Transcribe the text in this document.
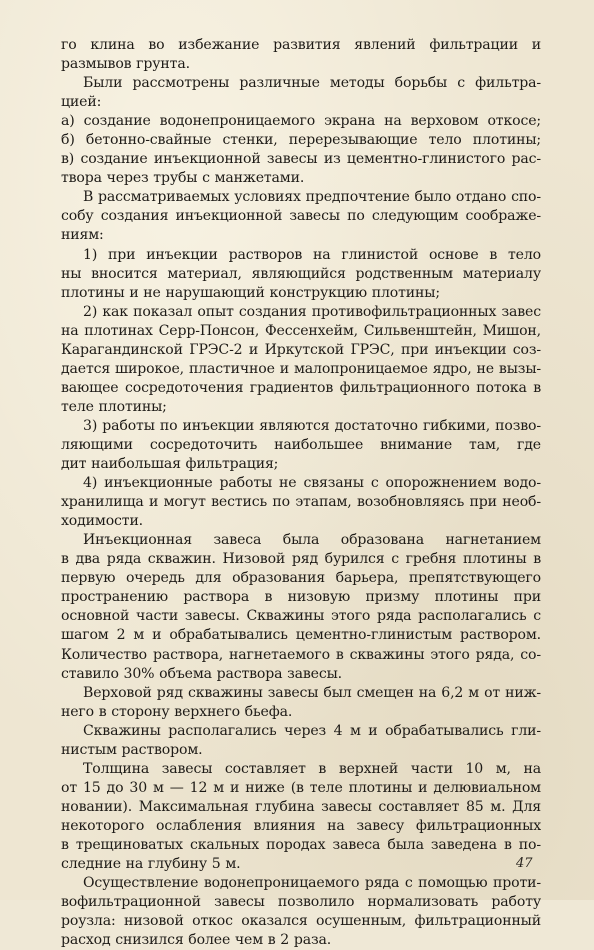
го клина во избежание развития явлений фильтрации и
размывов грунта.
Были рассмотрены различные методы борьбы с фильтра-
цией:
а) создание водонепроницаемого экрана на верховом откосе;
б) бетонно-свайные стенки, перерезывающие тело плотины;
в) создание инъекционной завесы из цементно-глинистого рас-
твора через трубы с манжетами.
В рассматриваемых условиях предпочтение было отдано спо-
собу создания инъекционной завесы по следующим соображе-
ниям:
1) при инъекции растворов на глинистой основе в тело
ны вносится материал, являющийся родственным материалу
плотины и не нарушающий конструкцию плотины;
2) как показал опыт создания противофильтрационных завес
на плотинах Серр-Понсон, Фессенхейм, Сильвенштейн, Мишон,
Карагандинской ГРЭС-2 и Иркутской ГРЭС, при инъекции соз-
дается широкое, пластичное и малопроницаемое ядро, не вызы-
вающее сосредоточения градиентов фильтрационного потока в
теле плотины;
3) работы по инъекции являются достаточно гибкими, позво-
ляющими сосредоточить наибольшее внимание там, где
дит наибольшая фильтрация;
4) инъекционные работы не связаны с опорожнением водо-
хранилища и могут вестись по этапам, возобновляясь при необ-
ходимости.
Инъекционная завеса была образована нагнетанием
в два ряда скважин. Низовой ряд бурился с гребня плотины в
первую очередь для образования барьера, препятствующего
пространению раствора в низовую призму плотины при
основной части завесы. Скважины этого ряда располагались с
шагом 2 м и обрабатывались цементно-глинистым раствором.
Количество раствора, нагнетаемого в скважины этого ряда, со-
ставило 30% объема раствора завесы.
Верховой ряд скважины завесы был смещен на 6,2 м от ниж-
него в сторону верхнего бьефа.
Скважины располагались через 4 м и обрабатывались гли-
нистым раствором.
Толщина завесы составляет в верхней части 10 м, на
от 15 до 30 м — 12 м и ниже (в теле плотины и делювиальном
новании). Максимальная глубина завесы составляет 85 м. Для
некоторого ослабления влияния на завесу фильтрационных
в трещиноватых скальных породах завеса была заведена в по-
следние на глубину 5 м.
Осуществление водонепроницаемого ряда с помощью проти-
вофильтрационной завесы позволило нормализовать работу
роузла: низовой откос оказался осушенным, фильтрационный
расход снизился более чем в 2 раза.
47
